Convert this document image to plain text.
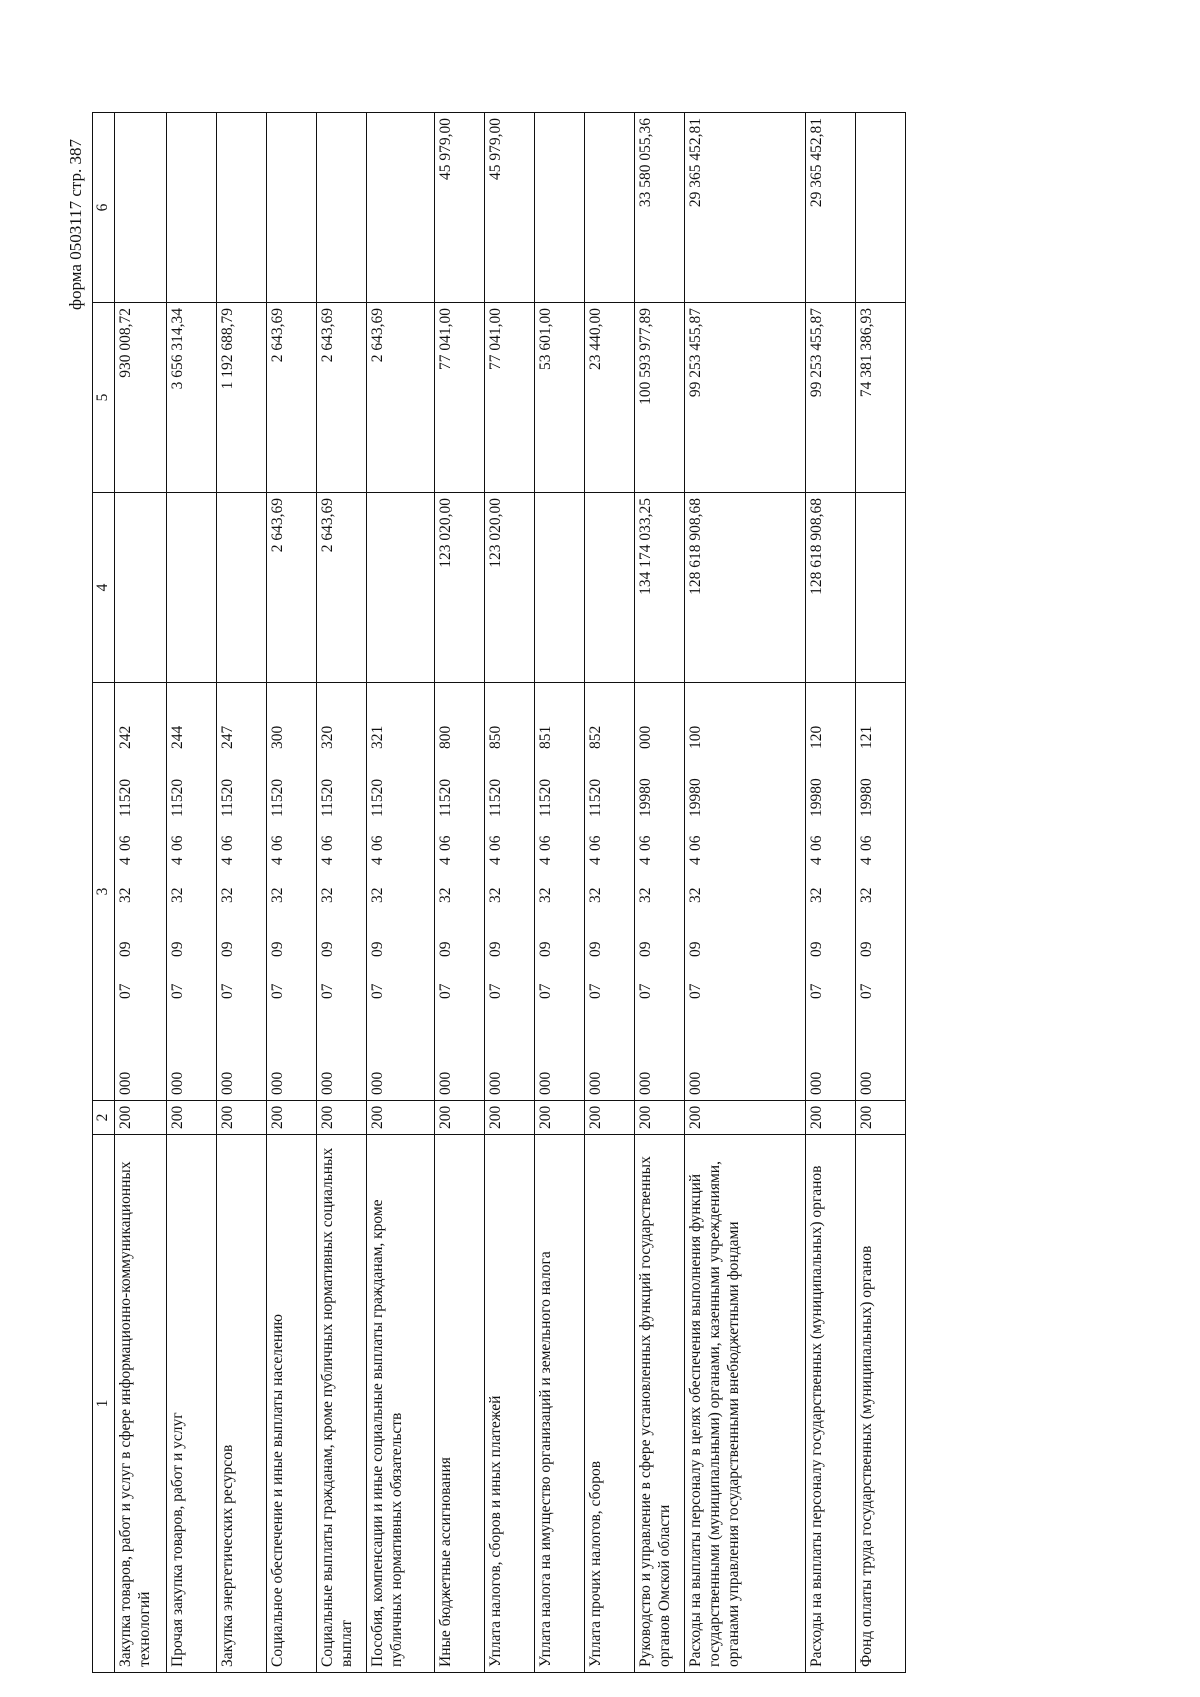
форма 0503117 стр. 387
1	2	3	4	5	6
Закупка товаров, работ и услуг в сфере информационно-коммуникационных технологий	200	00007093240611520242		930 008,72	
Прочая закупка товаров, работ и услуг	200	00007093240611520244		3 656 314,34	
Закупка энергетических ресурсов	200	00007093240611520247		1 192 688,79	
Социальное обеспечение и иные выплаты населению	200	00007093240611520300	2 643,69	2 643,69	
Социальные выплаты гражданам, кроме публичных нормативных социальных выплат	200	00007093240611520320	2 643,69	2 643,69	
Пособия, компенсации и иные социальные выплаты гражданам, кроме публичных нормативных обязательств	200	00007093240611520321		2 643,69	
Иные бюджетные ассигнования	200	00007093240611520800	123 020,00	77 041,00	45 979,00
Уплата налогов, сборов и иных платежей	200	00007093240611520850	123 020,00	77 041,00	45 979,00
Уплата налога на имущество организаций и земельного налога	200	00007093240611520851		53 601,00	
Уплата прочих налогов, сборов	200	00007093240611520852		23 440,00	
Руководство и управление в сфере установленных функций государственных органов Омской области	200	00007093240619980000	134 174 033,25	100 593 977,89	33 580 055,36
Расходы на выплаты персоналу в целях обеспечения выполнения функций государственными (муниципальными) органами, казенными учреждениями, органами управления государственными внебюджетными фондами	200	00007093240619980100	128 618 908,68	99 253 455,87	29 365 452,81
Расходы на выплаты персоналу государственных (муниципальных) органов	200	00007093240619980120	128 618 908,68	99 253 455,87	29 365 452,81
Фонд оплаты труда государственных (муниципальных) органов	200	00007093240619980121		74 381 386,93	
